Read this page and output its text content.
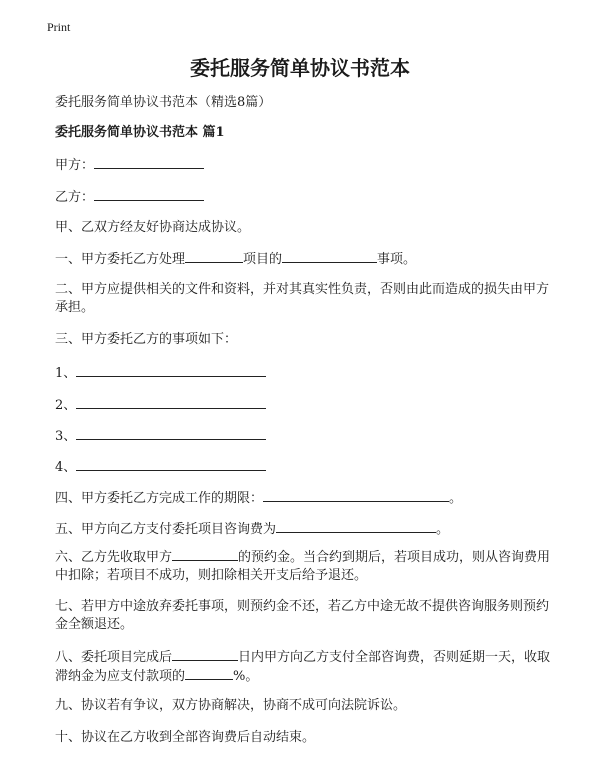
Print
委托服务简单协议书范本
委托服务简单协议书范本（精选8篇）
委托服务简单协议书范本 篇1
甲方：
乙方：
甲、乙双方经友好协商达成协议。
一、甲方委托乙方处理	项目的	事项。
二、甲方应提供相关的文件和资料，并对其真实性负责，否则由此而造成的损失由甲方承担。
三、甲方委托乙方的事项如下：
1、
2、
3、
4、
四、甲方委托乙方完成工作的期限：	。
五、甲方向乙方支付委托项目咨询费为	。
六、乙方先收取甲方	的预约金。当合约到期后，若项目成功，则从咨询费用中扣除；若项目不成功，则扣除相关开支后给予退还。
七、若甲方中途放弃委托事项，则预约金不还，若乙方中途无故不提供咨询服务则预约金全额退还。
八、委托项目完成后	日内甲方向乙方支付全部咨询费，否则延期一天，收取滞纳金为应支付款项的	%。
九、协议若有争议，双方协商解决，协商不成可向法院诉讼。
十、协议在乙方收到全部咨询费后自动结束。
